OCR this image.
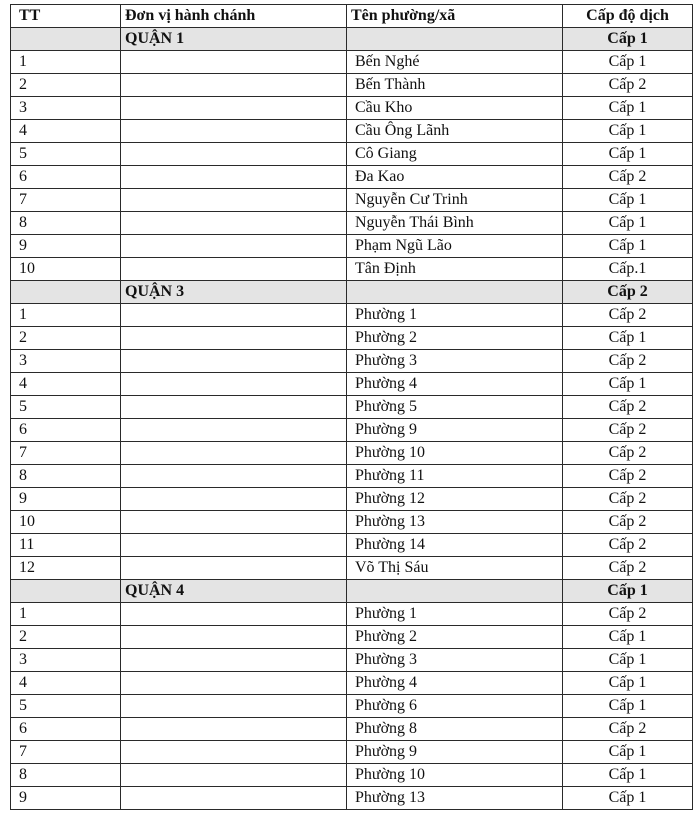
TT	Đơn vị hành chánh	Tên phường/xã	Cấp độ dịch
	QUẬN 1		Cấp 1
1		Bến Nghé	Cấp 1
2		Bến Thành	Cấp 2
3		Cầu Kho	Cấp 1
4		Cầu Ông Lãnh	Cấp 1
5		Cô Giang	Cấp 1
6		Đa Kao	Cấp 2
7		Nguyễn Cư Trinh	Cấp 1
8		Nguyễn Thái Bình	Cấp 1
9		Phạm Ngũ Lão	Cấp 1
10		Tân Định	Cấp.1
	QUẬN 3		Cấp 2
1		Phường 1	Cấp 2
2		Phường 2	Cấp 1
3		Phường 3	Cấp 2
4		Phường 4	Cấp 1
5		Phường 5	Cấp 2
6		Phường 9	Cấp 2
7		Phường 10	Cấp 2
8		Phường 11	Cấp 2
9		Phường 12	Cấp 2
10		Phường 13	Cấp 2
11		Phường 14	Cấp 2
12		Võ Thị Sáu	Cấp 2
	QUẬN 4		Cấp 1
1		Phường 1	Cấp 2
2		Phường 2	Cấp 1
3		Phường 3	Cấp 1
4		Phường 4	Cấp 1
5		Phường 6	Cấp 1
6		Phường 8	Cấp 2
7		Phường 9	Cấp 1
8		Phường 10	Cấp 1
9		Phường 13	Cấp 1
